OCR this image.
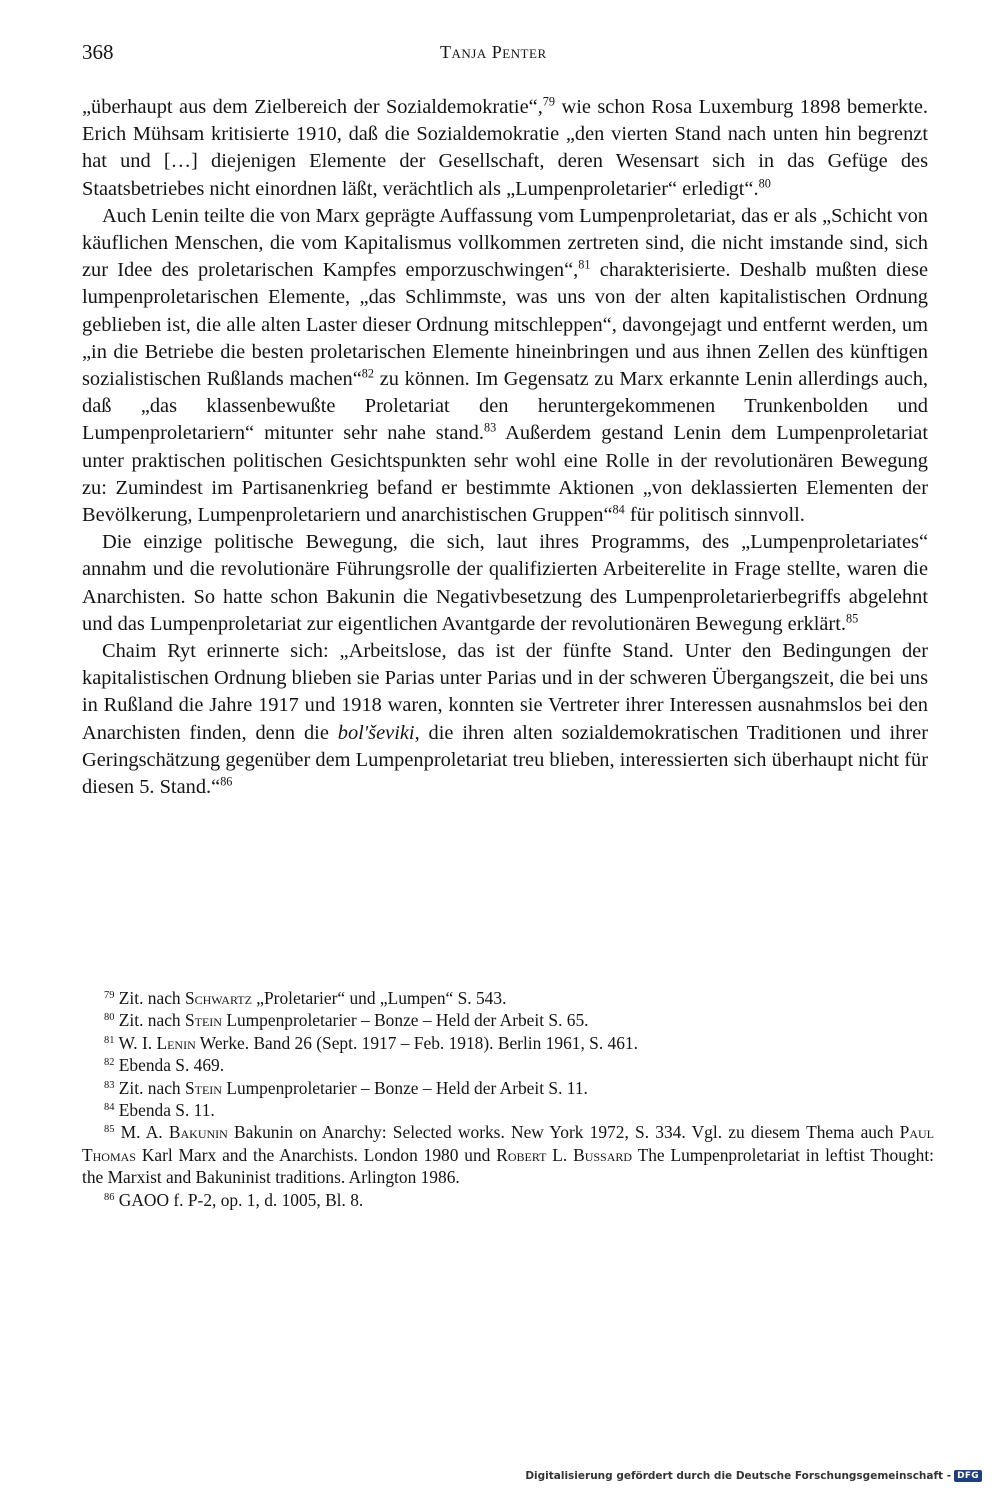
368	Tanja Penter

„überhaupt aus dem Zielbereich der Sozialdemokratie“,$^{79}$ wie schon Rosa Luxemburg 1898 bemerkte. Erich Mühsam kritisierte 1910, daß die Sozialdemokratie „den vierten Stand nach unten hin begrenzt hat und […] diejenigen Elemente der Gesellschaft, deren Wesensart sich in das Gefüge des Staatsbetriebes nicht einordnen läßt, verächtlich als „Lumpenproletarier“ erledigt“.$^{80}$

Auch Lenin teilte die von Marx geprägte Auffassung vom Lumpenproletariat, das er als „Schicht von käuflichen Menschen, die vom Kapitalismus vollkommen zertreten sind, die nicht imstande sind, sich zur Idee des proletarischen Kampfes emporzuschwingen“,$^{81}$ charakterisierte. Deshalb mußten diese lumpenproletarischen Elemente, „das Schlimmste, was uns von der alten kapitalistischen Ordnung geblieben ist, die alle alten Laster dieser Ordnung mitschleppen“, davongejagt und entfernt werden, um „in die Betriebe die besten proletarischen Elemente hineinbringen und aus ihnen Zellen des künftigen sozialistischen Rußlands machen“$^{82}$ zu können. Im Gegensatz zu Marx erkannte Lenin allerdings auch, daß „das klassenbewußte Proletariat den heruntergekommenen Trunkenbolden und Lumpenproletariern“ mitunter sehr nahe stand.$^{83}$ Außerdem gestand Lenin dem Lumpenproletariat unter praktischen politischen Gesichtspunkten sehr wohl eine Rolle in der revolutionären Bewegung zu: Zumindest im Partisanenkrieg befand er bestimmte Aktionen „von deklassierten Elementen der Bevölkerung, Lumpenproletariern und anarchistischen Gruppen“$^{84}$ für politisch sinnvoll.

Die einzige politische Bewegung, die sich, laut ihres Programms, des „Lumpenproletariates“ annahm und die revolutionäre Führungsrolle der qualifizierten Arbeiterelite in Frage stellte, waren die Anarchisten. So hatte schon Bakunin die Negativbesetzung des Lumpenproletarierbegriffs abgelehnt und das Lumpenproletariat zur eigentlichen Avantgarde der revolutionären Bewegung erklärt.$^{85}$

Chaim Ryt erinnerte sich: „Arbeitslose, das ist der fünfte Stand. Unter den Bedingungen der kapitalistischen Ordnung blieben sie Parias unter Parias und in der schweren Übergangszeit, die bei uns in Rußland die Jahre 1917 und 1918 waren, konnten sie Vertreter ihrer Interessen ausnahmslos bei den Anarchisten finden, denn die bol'ševiki, die ihren alten sozialdemokratischen Traditionen und ihrer Geringschätzung gegenüber dem Lumpenproletariat treu blieben, interessierten sich überhaupt nicht für diesen 5. Stand.“$^{86}$

$^{79}$ Zit. nach Schwartz „Proletarier“ und „Lumpen“ S. 543.

$^{80}$ Zit. nach Stein Lumpenproletarier – Bonze – Held der Arbeit S. 65.

$^{81}$ W. I. Lenin Werke. Band 26 (Sept. 1917 – Feb. 1918). Berlin 1961, S. 461.

$^{82}$ Ebenda S. 469.

$^{83}$ Zit. nach Stein Lumpenproletarier – Bonze – Held der Arbeit S. 11.

$^{84}$ Ebenda S. 11.

$^{85}$ M. A. Bakunin Bakunin on Anarchy: Selected works. New York 1972, S. 334. Vgl. zu diesem Thema auch Paul Thomas Karl Marx and the Anarchists. London 1980 und Robert L. Bussard The Lumpenproletariat in leftist Thought: the Marxist and Bakuninist traditions. Arlington 1986.

$^{86}$ GAOO f. P-2, op. 1, d. 1005, Bl. 8.

Digitalisierung gefördert durch die Deutsche Forschungsgemeinschaft - DFG
